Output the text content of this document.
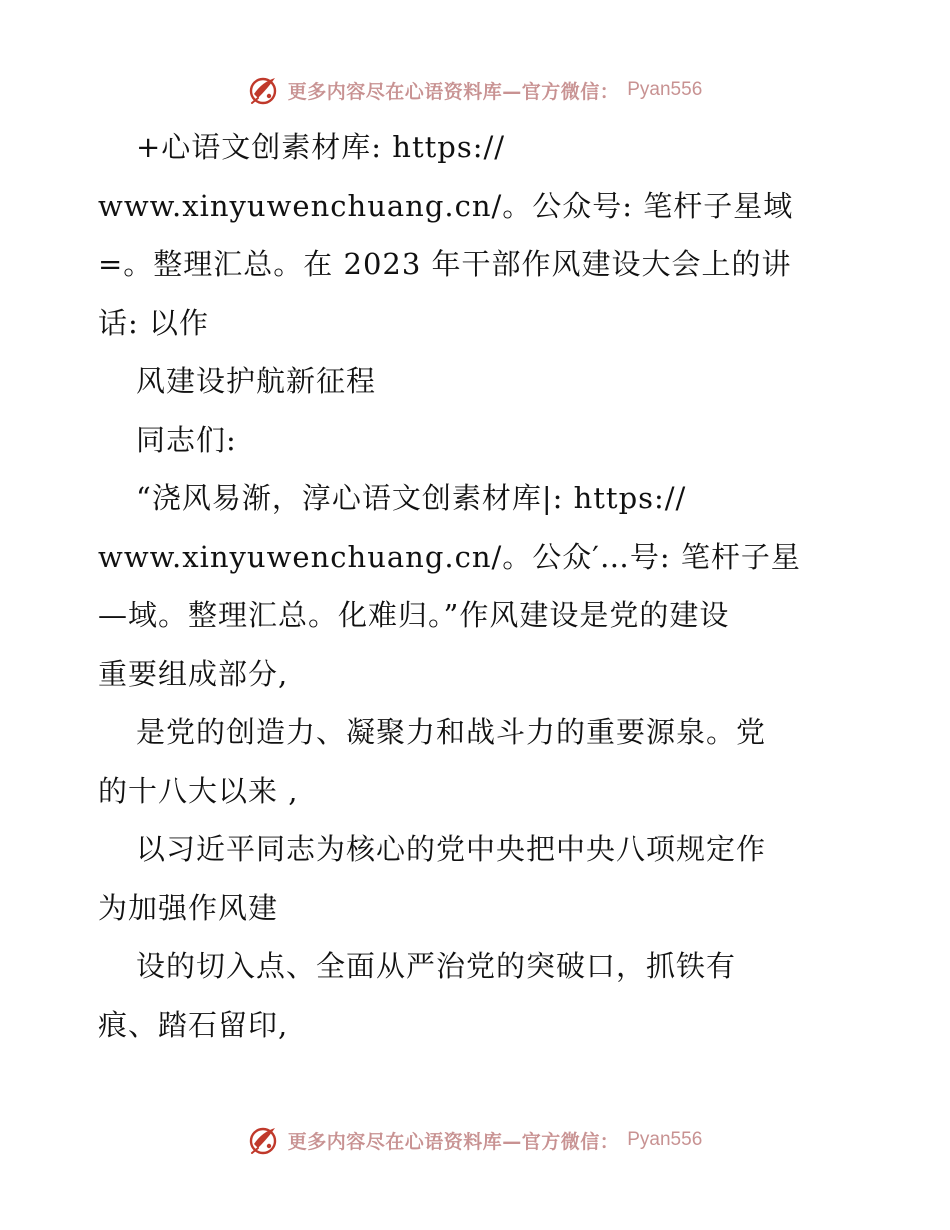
更多内容尽在心语资料库—官方微信： Pyan556
+心语文创素材库: https://
www.xinyuwenchuang.cn/。公众号: 笔杆子星域
=。整理汇总。在 2023 年干部作风建设大会上的讲
话: 以作
风建设护航新征程
同志们:
“浇风易渐，淳心语文创素材库|: https://
www.xinyuwenchuang.cn/。公众′…号: 笔杆子星
—域。整理汇总。化难归。”作风建设是党的建设
重要组成部分,
是党的创造力、凝聚力和战斗力的重要源泉。党
的十八大以来 ,
以习近平同志为核心的党中央把中央八项规定作
为加强作风建
设的切入点、全面从严治党的突破口，抓铁有
痕、踏石留印,
更多内容尽在心语资料库—官方微信： Pyan556
